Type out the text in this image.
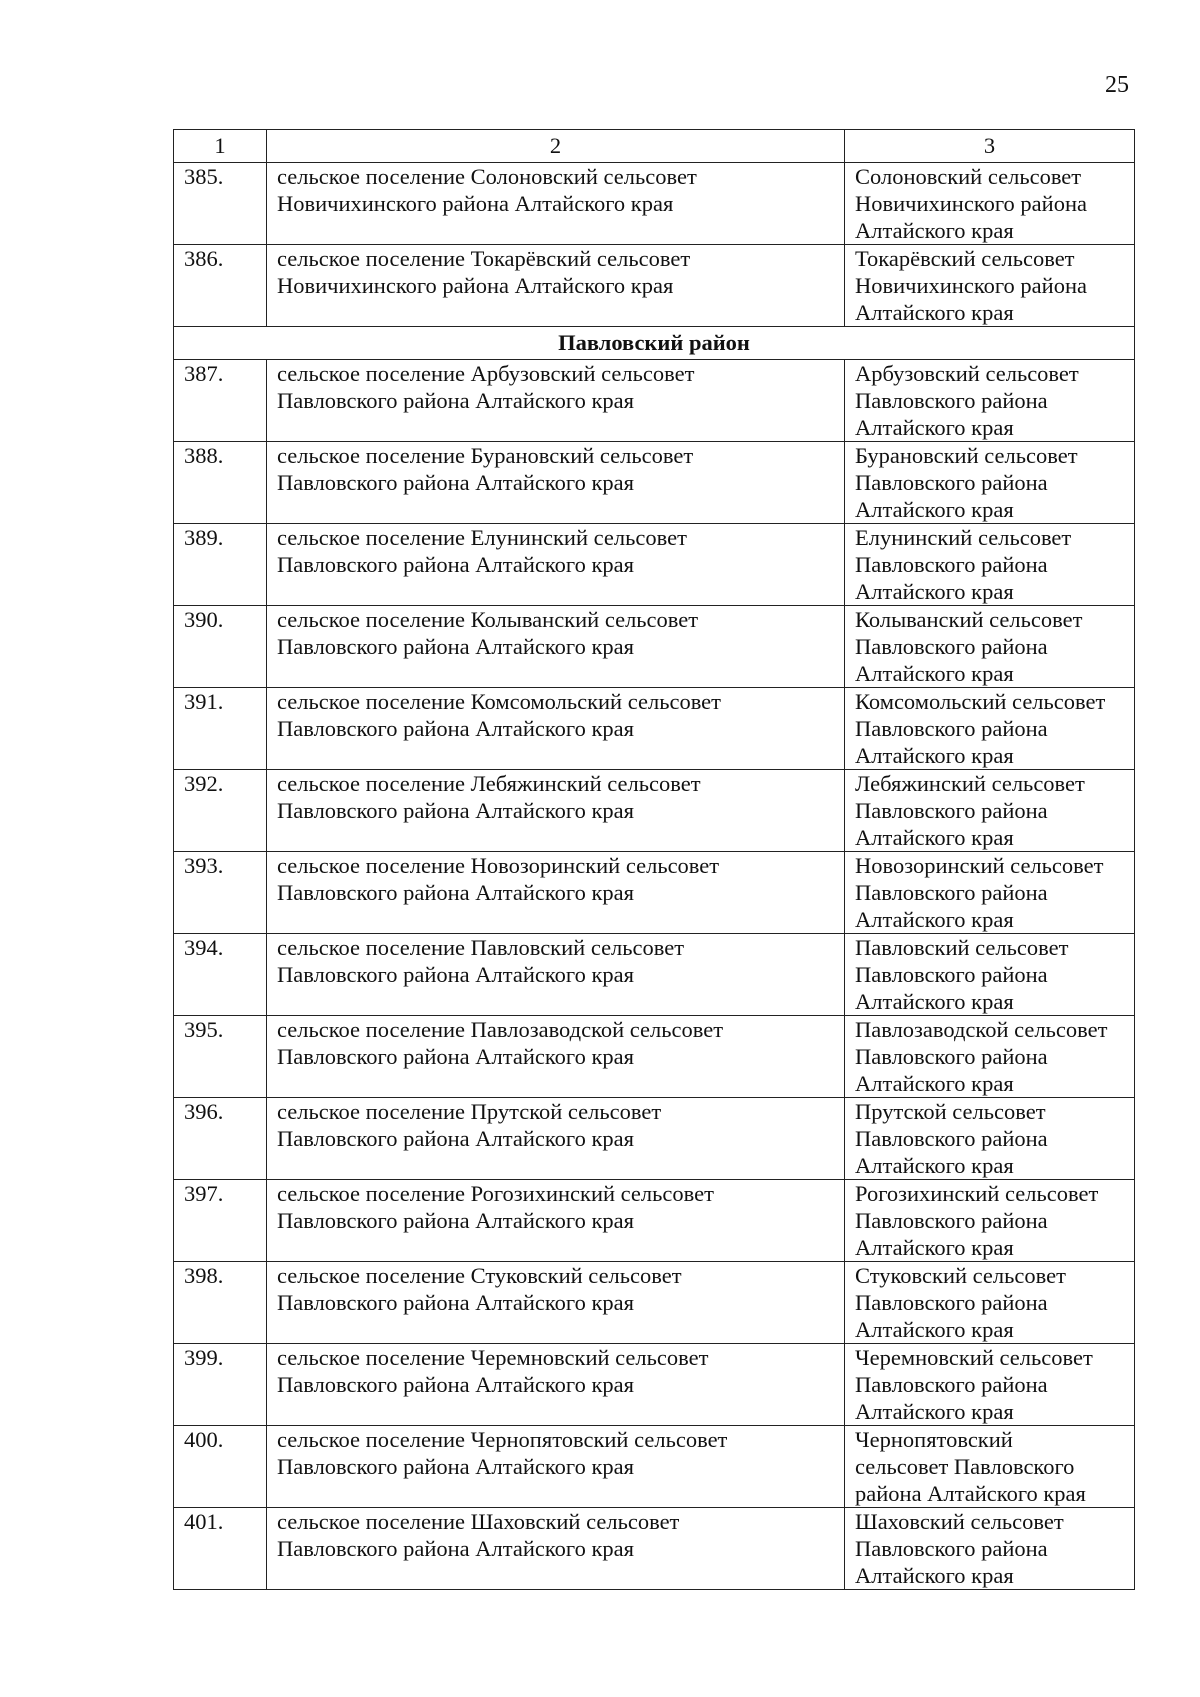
25
1	2	3
385.	сельское поселение Солоновский сельсовет
Новичихинского района Алтайского края	Солоновский сельсовет
Новичихинского района
Алтайского края

386.	сельское поселение Токарёвский сельсовет
Новичихинского района Алтайского края	Токарёвский сельсовет
Новичихинского района
Алтайского края

Павловский район		
387.	сельское поселение Арбузовский сельсовет
Павловского района Алтайского края	Арбузовский сельсовет
Павловского района
Алтайского края

388.	сельское поселение Бурановский сельсовет
Павловского района Алтайского края	Бурановский сельсовет
Павловского района
Алтайского края

389.	сельское поселение Елунинский сельсовет
Павловского района Алтайского края	Елунинский сельсовет
Павловского района
Алтайского края

390.	сельское поселение Колыванский сельсовет
Павловского района Алтайского края	Колыванский сельсовет
Павловского района
Алтайского края

391.	сельское поселение Комсомольский сельсовет
Павловского района Алтайского края	Комсомольский сельсовет
Павловского района
Алтайского края

392.	сельское поселение Лебяжинский сельсовет
Павловского района Алтайского края	Лебяжинский сельсовет
Павловского района
Алтайского края

393.	сельское поселение Новозоринский сельсовет
Павловского района Алтайского края	Новозоринский сельсовет
Павловского района
Алтайского края

394.	сельское поселение Павловский сельсовет
Павловского района Алтайского края	Павловский сельсовет
Павловского района
Алтайского края

395.	сельское поселение Павлозаводской сельсовет
Павловского района Алтайского края	Павлозаводской сельсовет
Павловского района
Алтайского края

396.	сельское поселение Прутской сельсовет
Павловского района Алтайского края	Прутской сельсовет
Павловского района
Алтайского края

397.	сельское поселение Рогозихинский сельсовет
Павловского района Алтайского края	Рогозихинский сельсовет
Павловского района
Алтайского края

398.	сельское поселение Стуковский сельсовет
Павловского района Алтайского края	Стуковский сельсовет
Павловского района
Алтайского края

399.	сельское поселение Черемновский сельсовет
Павловского района Алтайского края	Черемновский сельсовет
Павловского района
Алтайского края

400.	сельское поселение Чернопятовский сельсовет
Павловского района Алтайского края	Чернопятовский
сельсовет Павловского
района Алтайского края

401.	сельское поселение Шаховский сельсовет
Павловского района Алтайского края	Шаховский сельсовет
Павловского района
Алтайского края
